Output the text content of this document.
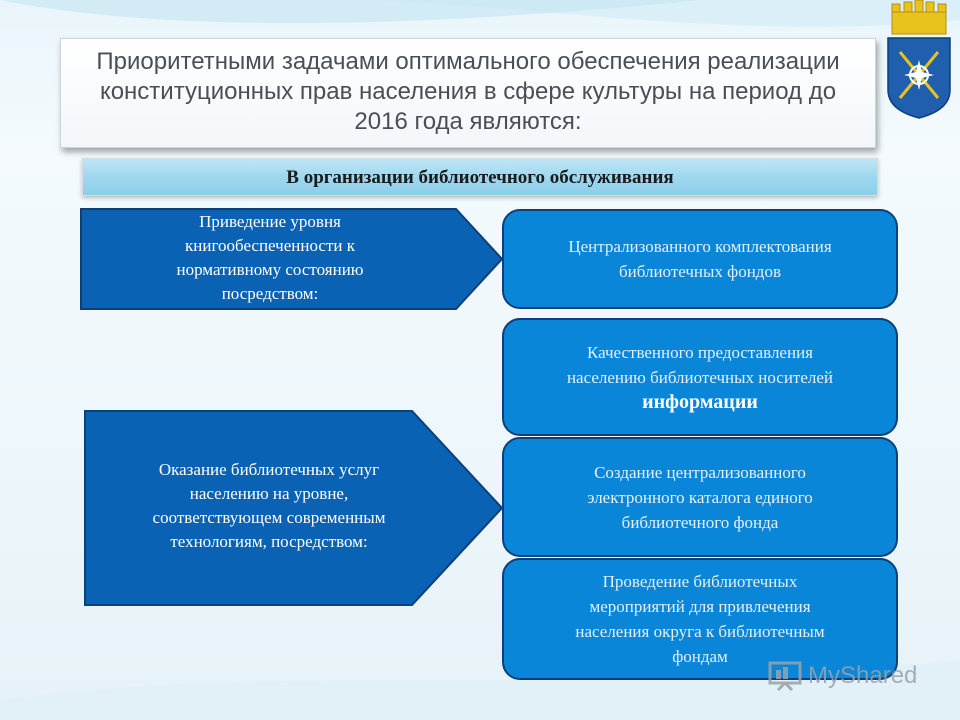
Приоритетными задачами оптимального обеспечения реализации
конституционных прав населения в сфере культуры на период до
2016 года являются:
В организации библиотечного обслуживания
Приведение уровня
книгообеспеченности к
нормативному состоянию
посредством:
Оказание библиотечных услуг
населению на уровне,
соответствующем современным
технологиям, посредством:
Централизованного комплектования
библиотечных фондов
Качественного предоставления
населению библиотечных носителей
информации
Создание централизованного
электронного каталога единого
библиотечного фонда
Проведение библиотечных
мероприятий для привлечения
населения округа к библиотечным
фондам
MyShared
